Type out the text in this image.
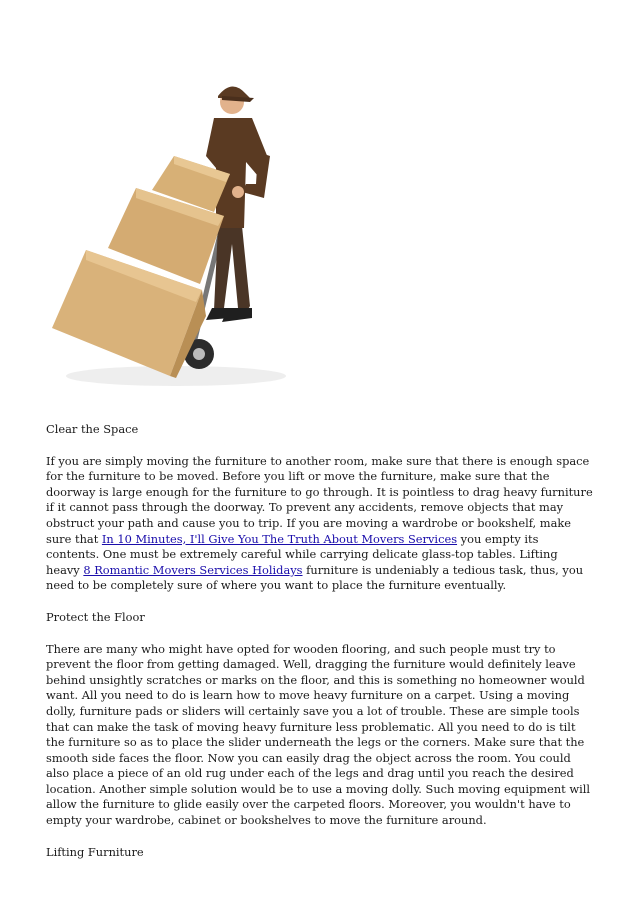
Clear the Space

If you are simply moving the furniture to another room, make sure that there is enough space for the furniture to be moved. Before you lift or move the furniture, make sure that the doorway is large enough for the furniture to go through. It is pointless to drag heavy furniture if it cannot pass through the doorway. To prevent any accidents, remove objects that may obstruct your path and cause you to trip. If you are moving a wardrobe or bookshelf, make sure that In 10 Minutes, I'll Give You The Truth About Movers Services you empty its contents. One must be extremely careful while carrying delicate glass-top tables. Lifting heavy 8 Romantic Movers Services Holidays furniture is undeniably a tedious task, thus, you need to be completely sure of where you want to place the furniture eventually.

Protect the Floor

There are many who might have opted for wooden flooring, and such people must try to prevent the floor from getting damaged. Well, dragging the furniture would definitely leave behind unsightly scratches or marks on the floor, and this is something no homeowner would want. All you need to do is learn how to move heavy furniture on a carpet. Using a moving dolly, furniture pads or sliders will certainly save you a lot of trouble. These are simple tools that can make the task of moving heavy furniture less problematic. All you need to do is tilt the furniture so as to place the slider underneath the legs or the corners. Make sure that the smooth side faces the floor. Now you can easily drag the object across the room. You could also place a piece of an old rug under each of the legs and drag until you reach the desired location. Another simple solution would be to use a moving dolly. Such moving equipment will allow the furniture to glide easily over the carpeted floors. Moreover, you wouldn't have to empty your wardrobe, cabinet or bookshelves to move the furniture around.

Lifting Furniture
